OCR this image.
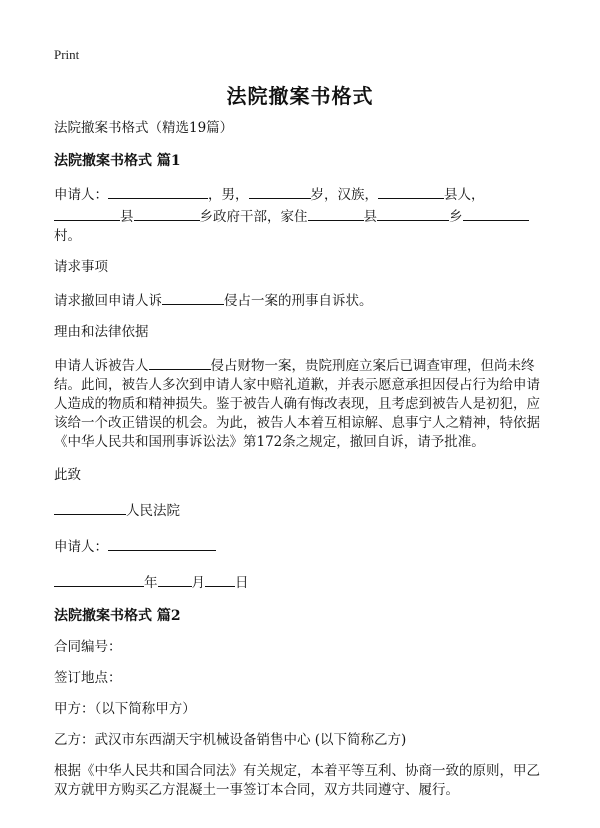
Print
法院撤案书格式

法院撤案书格式（精选19篇）

法院撤案书格式 篇1

申请人：	，男，	岁，汉族，	县人，
县	乡政府干部，家住	县	乡
村。

请求事项

请求撤回申请人诉	侵占一案的刑事自诉状。

理由和法律依据

申请人诉被告人	侵占财物一案，贵院刑庭立案后已调查审理，但尚未终
结。此间，被告人多次到申请人家中赔礼道歉，并表示愿意承担因侵占行为给申请
人造成的物质和精神损失。鉴于被告人确有悔改表现，且考虑到被告人是初犯，应
该给一个改正错误的机会。为此，被告人本着互相谅解、息事宁人之精神，特依据
《中华人民共和国刑事诉讼法》第172条之规定，撤回自诉，请予批准。

此致

人民法院

申请人：

年	月 日

法院撤案书格式 篇2

合同编号：

签订地点：

甲方：（以下简称甲方）

乙方：武汉市东西湖天宇机械设备销售中心 (以下简称乙方)

根据《中华人民共和国合同法》有关规定，本着平等互利、协商一致的原则，甲乙
双方就甲方购买乙方混凝土一事签订本合同，双方共同遵守、履行。
